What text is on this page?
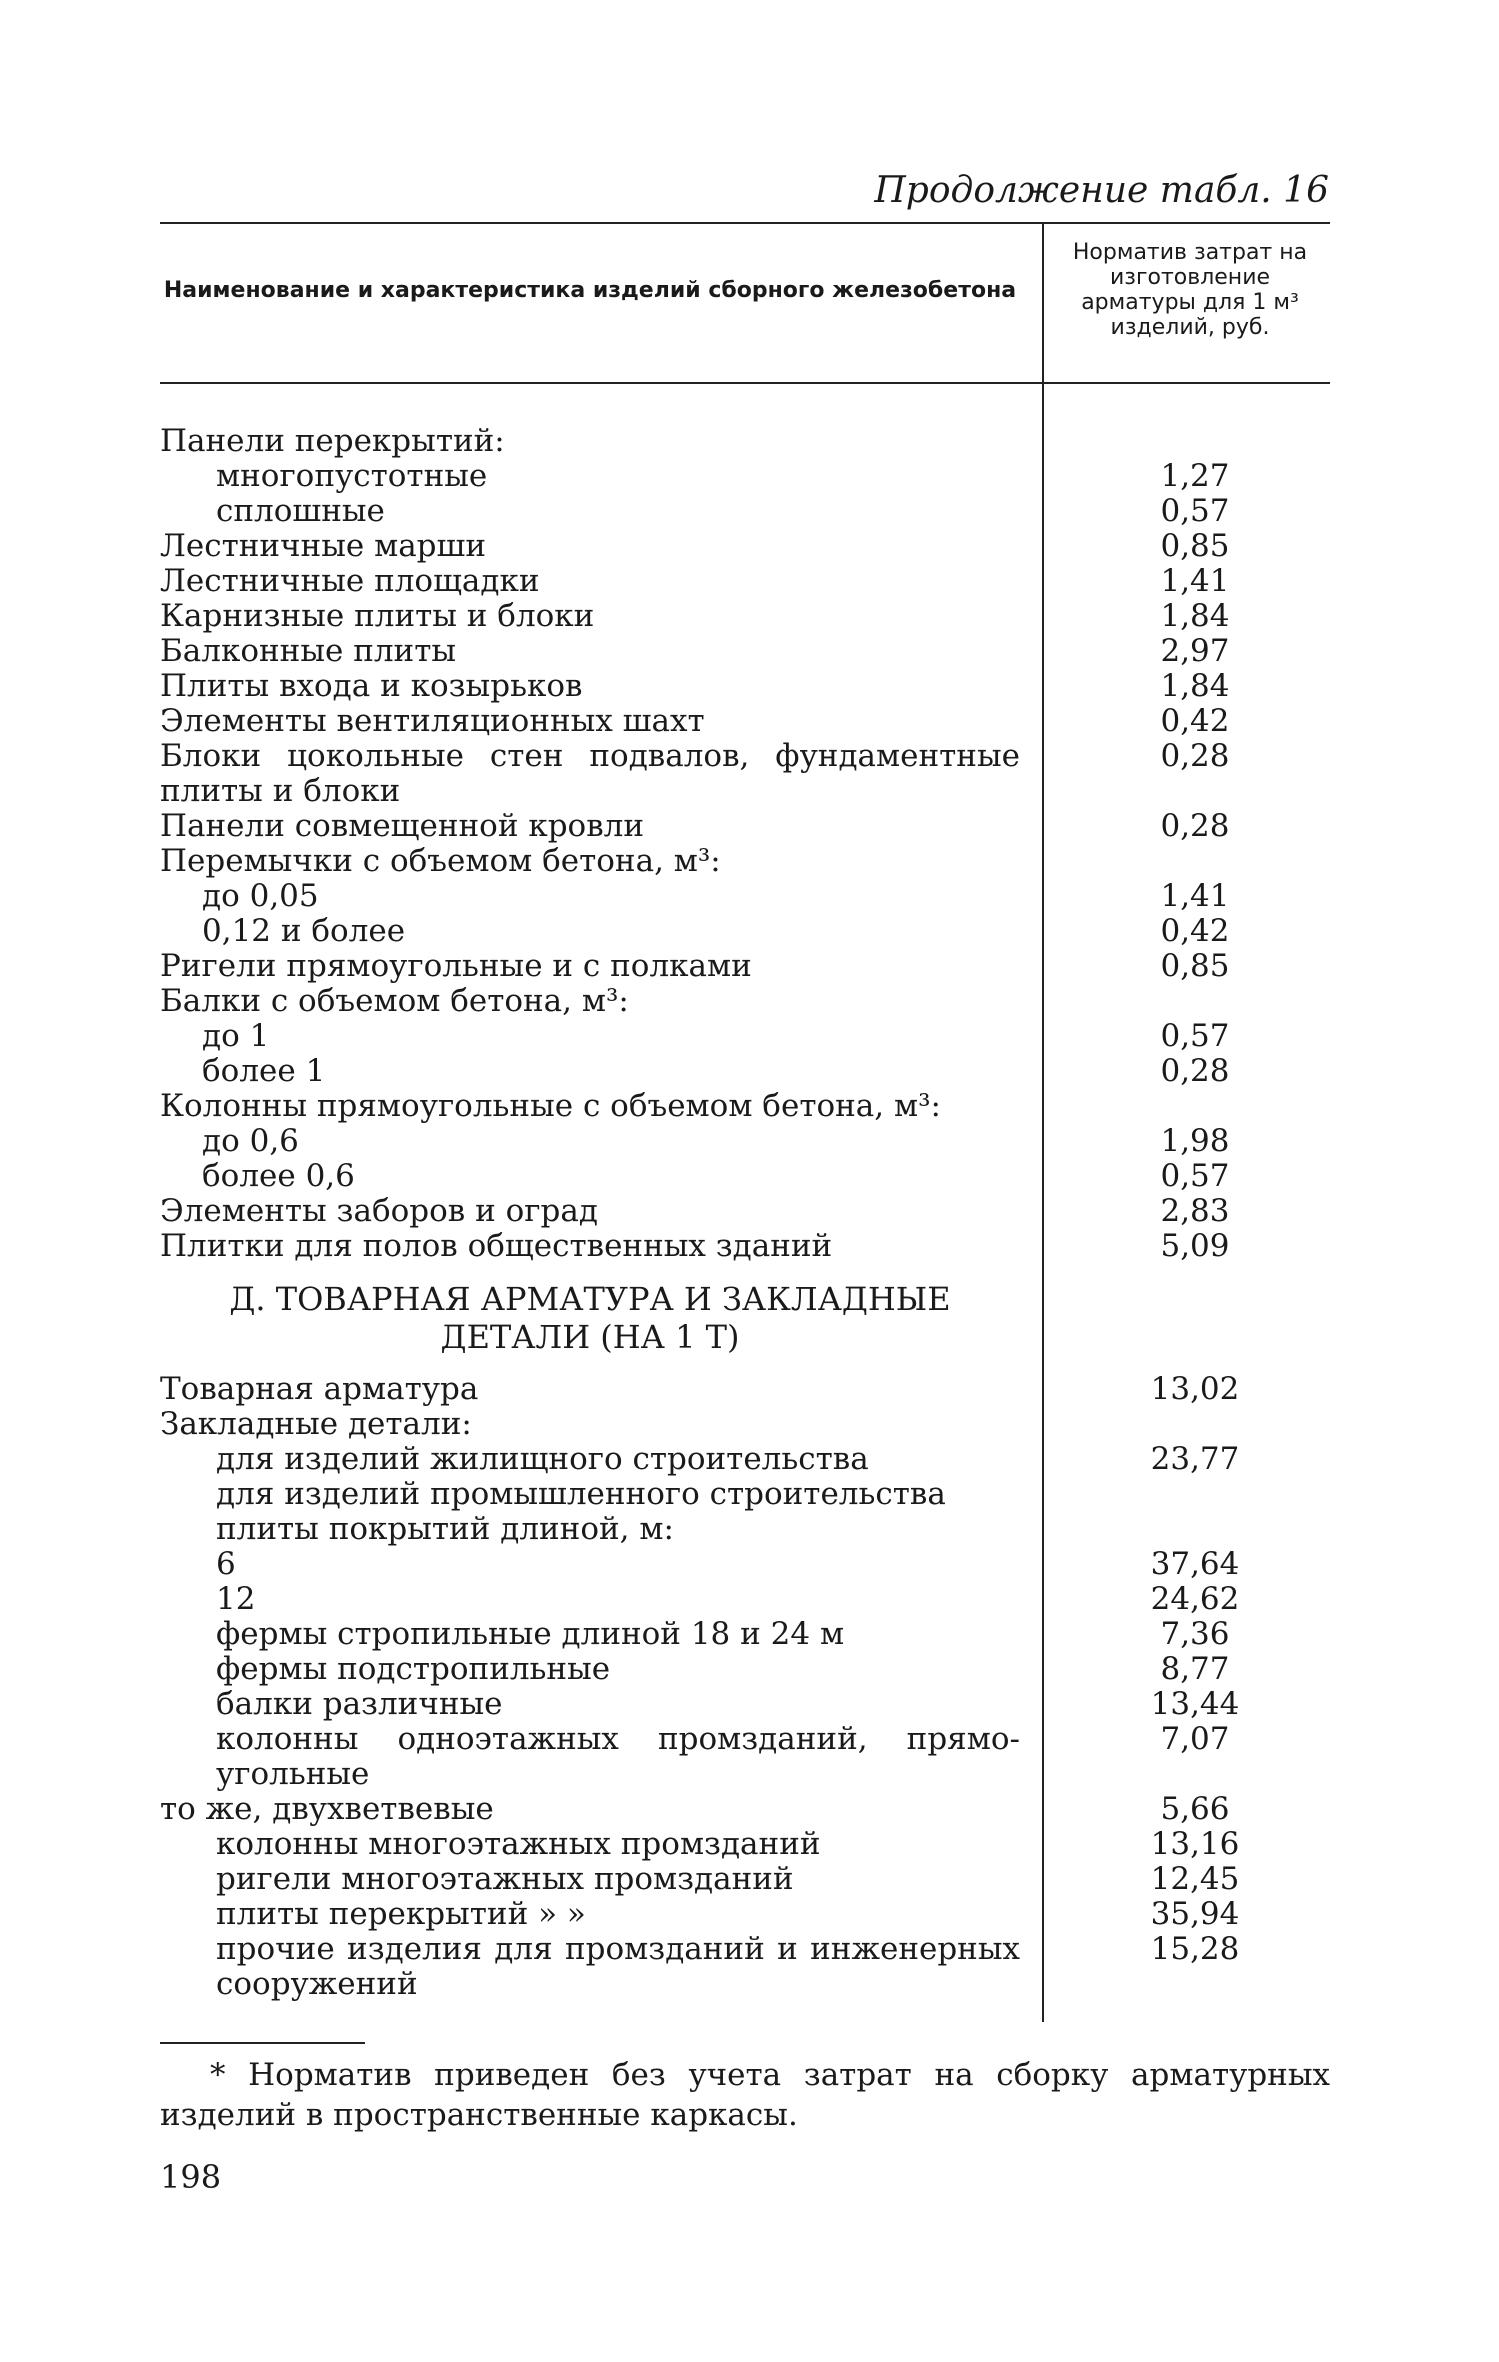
Продолжение табл. 16
Наименование и характеристика изделий сборного железобетона
Норматив затрат на изготовление арматуры для 1 м³ изделий, руб.
Панели перекрытий:
многопустотные	1,27
сплошные	0,57
Лестничные марши	0,85
Лестничные площадки	1,41
Карнизные плиты и блоки	1,84
Балконные плиты	2,97
Плиты входа и козырьков	1,84
Элементы вентиляционных шахт	0,42
Блоки цокольные стен подвалов, фундаментные	0,28
плиты и блоки
Панели совмещенной кровли	0,28
Перемычки с объемом бетона, м³:
до 0,05	1,41
0,12 и более	0,42
Ригели прямоугольные и с полками	0,85
Балки с объемом бетона, м³:
до 1	0,57
более 1	0,28
Колонны прямоугольные с объемом бетона, м³:
до 0,6	1,98
более 0,6	0,57
Элементы заборов и оград	2,83
Плитки для полов общественных зданий	5,09
Д. ТОВАРНАЯ АРМАТУРА И ЗАКЛАДНЫЕ
ДЕТАЛИ (НА 1 Т)
Товарная арматура	13,02
Закладные детали:
для изделий жилищного строительства	23,77
для изделий промышленного строительства
плиты покрытий длиной, м:
6	37,64
12	24,62
фермы стропильные длиной 18 и 24 м	7,36
фермы подстропильные	8,77
балки различные	13,44
колонны одноэтажных промзданий, прямо-	7,07
угольные
то же, двухветвевые	5,66
колонны многоэтажных промзданий	13,16
ригели многоэтажных промзданий	12,45
плиты перекрытий » »	35,94
прочие изделия для промзданий и инженерных	15,28
сооружений
* Норматив приведен без учета затрат на сборку арматурных изделий в пространственные каркасы.
198
